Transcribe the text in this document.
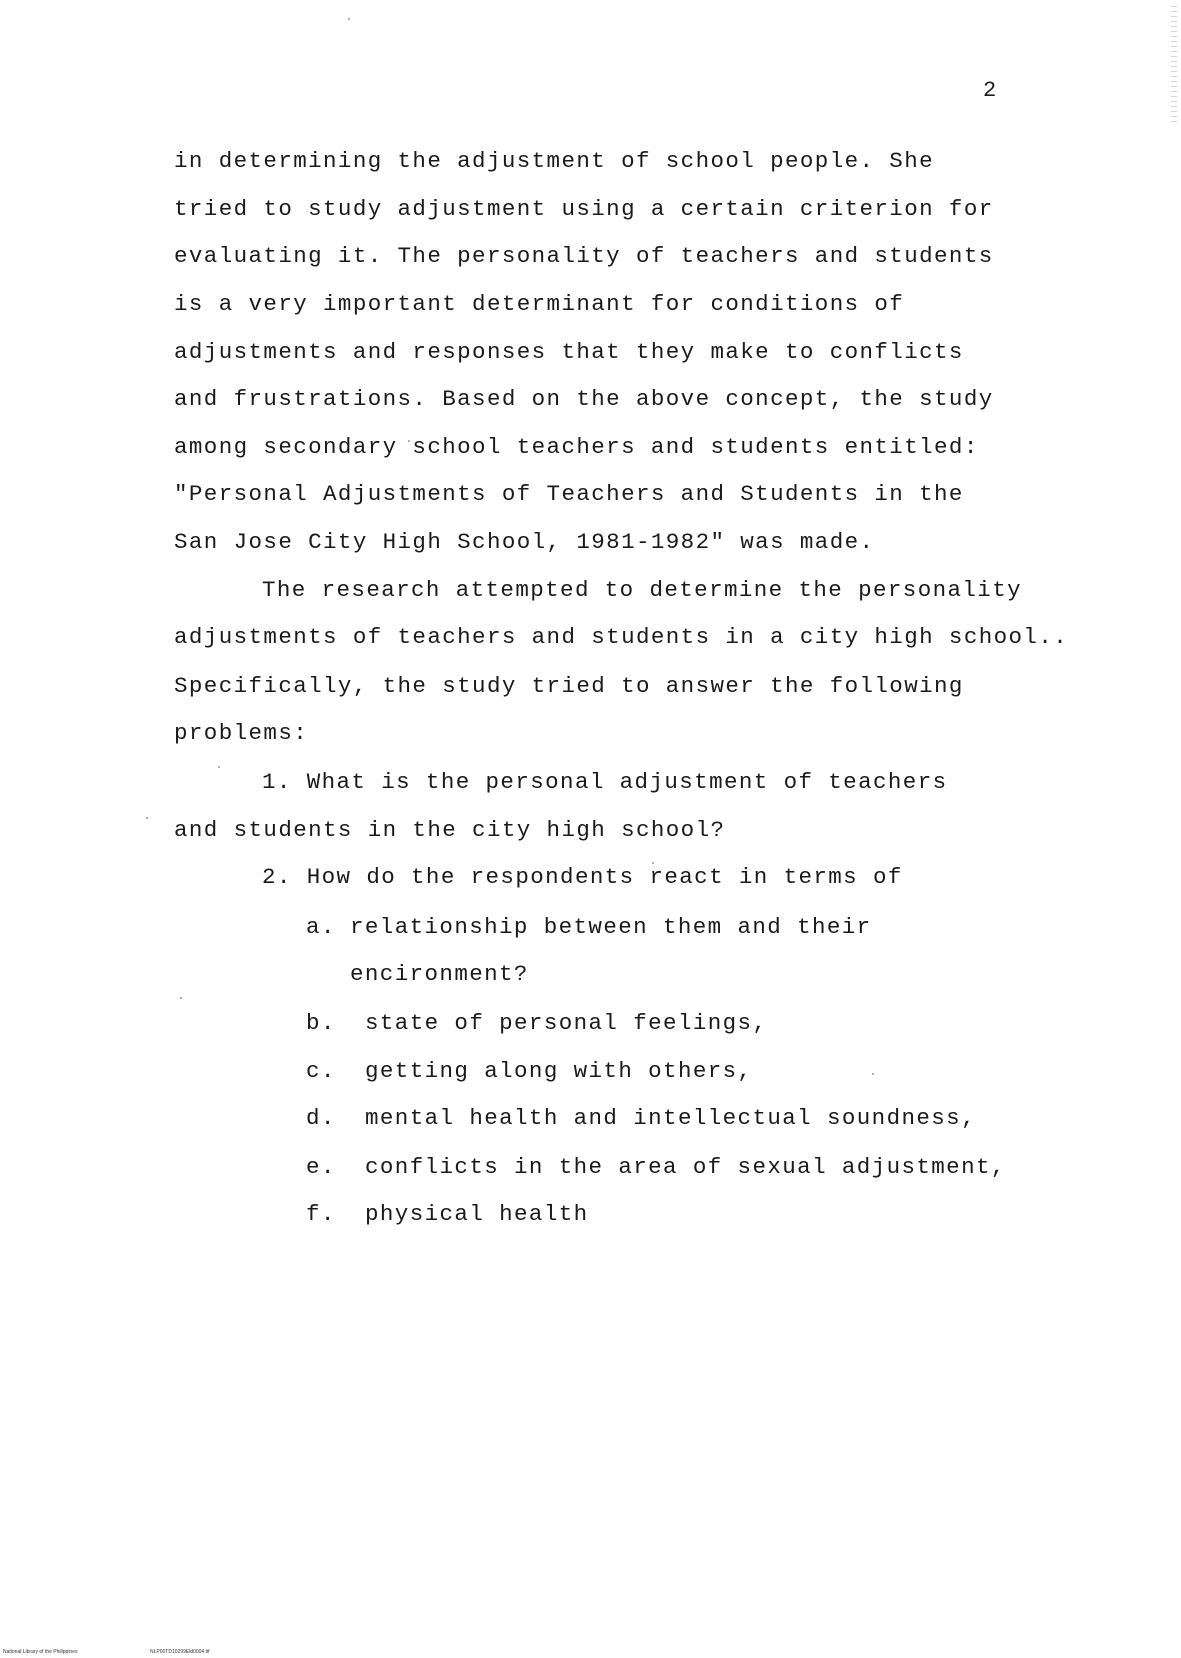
2
in determining the adjustment of school people. She
tried to study adjustment using a certain criterion for
evaluating it. The personality of teachers and students
is a very important determinant for conditions of
adjustments and responses that they make to conflicts
and frustrations. Based on the above concept, the study
among secondary school teachers and students entitled:
"Personal Adjustments of Teachers and Students in the
San Jose City High School, 1981-1982" was made.
The research attempted to determine the personality
adjustments of teachers and students in a city high school..
Specifically, the study tried to answer the following
problems:
1. What is the personal adjustment of teachers
and students in the city high school?
2. How do the respondents react in terms of
a. relationship between them and their
encironment?
b. state of personal feelings,
c. getting along with others,
d. mental health and intellectual soundness,
e. conflicts in the area of sexual adjustment,
f. physical health
National Library of the Philippines	NLP00TD10299Eld0004.tif
